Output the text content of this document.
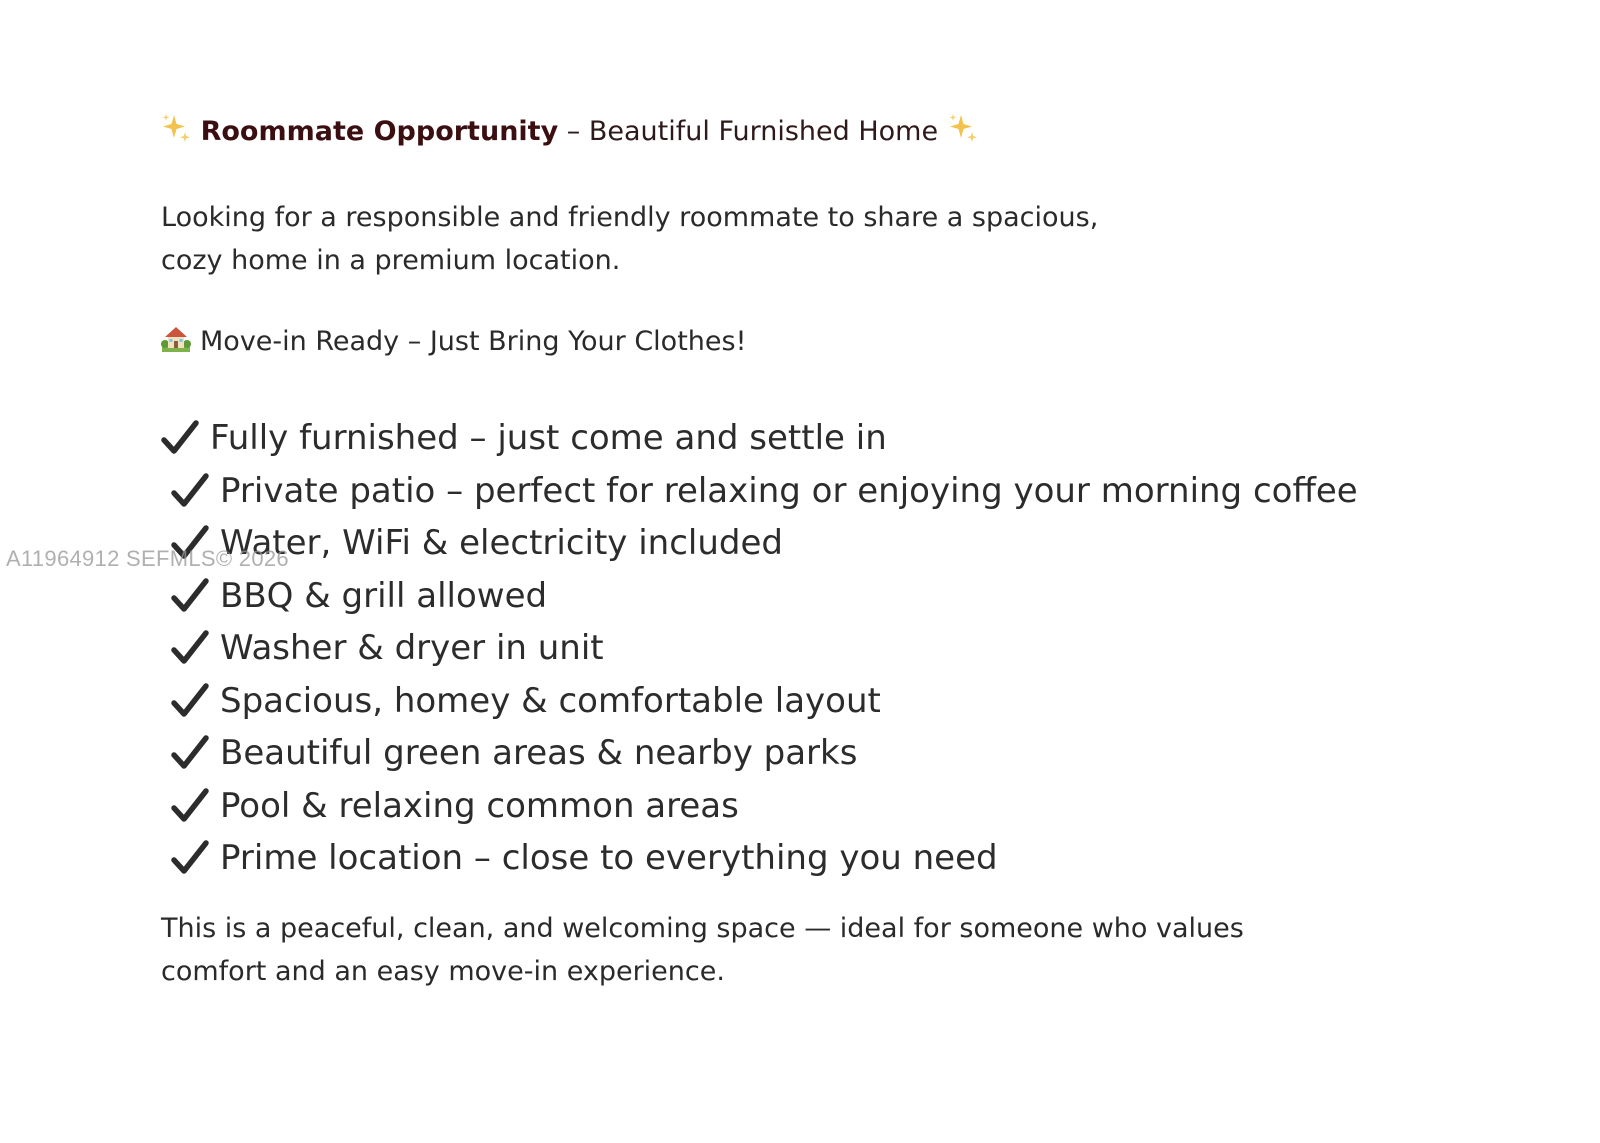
Roommate Opportunity – Beautiful Furnished Home
Looking for a responsible and friendly roommate to share a spacious,
cozy home in a premium location.
Move-in Ready – Just Bring Your Clothes!
Fully furnished – just come and settle in
Private patio – perfect for relaxing or enjoying your morning coffee
Water, WiFi & electricity included
BBQ & grill allowed
Washer & dryer in unit
Spacious, homey & comfortable layout
Beautiful green areas & nearby parks
Pool & relaxing common areas
Prime location – close to everything you need
This is a peaceful, clean, and welcoming space — ideal for someone who values
comfort and an easy move-in experience.
A11964912 SEFMLS© 2026
